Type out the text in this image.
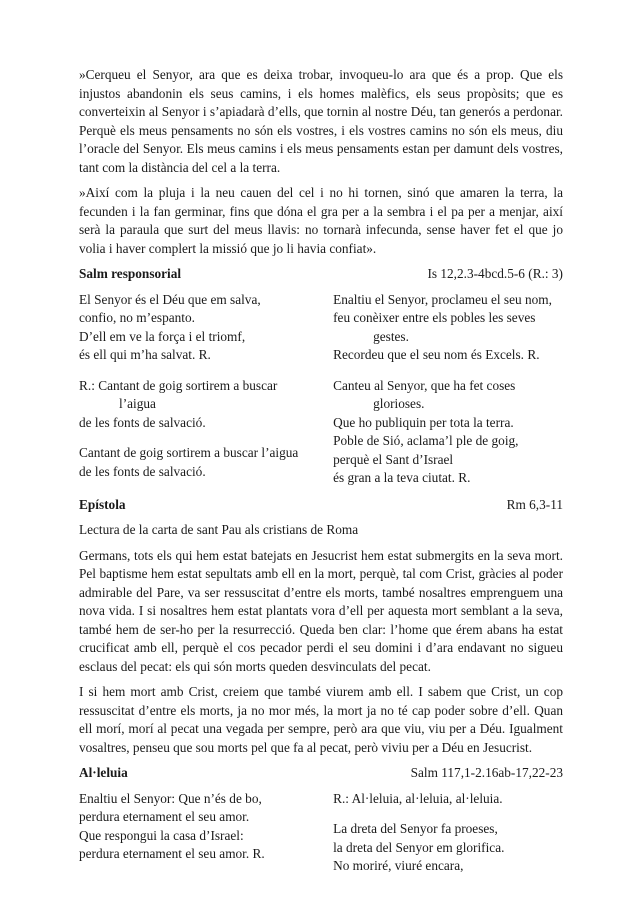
»Cerqueu el Senyor, ara que es deixa trobar, invoqueu-lo ara que és a prop. Que els injustos abandonin els seus camins, i els homes malèfics, els seus propòsits; que es converteixin al Senyor i s’apiadarà d’ells, que tornin al nostre Déu, tan generós a perdonar. Perquè els meus pensaments no són els vostres, i els vostres camins no són els meus, diu l’oracle del Senyor. Els meus camins i els meus pensaments estan per damunt dels vostres, tant com la distància del cel a la terra.

»Així com la pluja i la neu cauen del cel i no hi tornen, sinó que amaren la terra, la fecunden i la fan germinar, fins que dóna el gra per a la sembra i el pa per a menjar, així serà la paraula que surt del meus llavis: no tornarà infecunda, sense haver fet el que jo volia i haver complert la missió que jo li havia confiat».

Salm responsorial	Is 12,2.3-4bcd.5-6 (R.: 3)

El Senyor és el Déu que em salva,

confio, no m’espanto.

D’ell em ve la força i el triomf,

és ell qui m’ha salvat. R.

R.: Cantant de goig sortirem a buscar

l’aigua

de les fonts de salvació.

Cantant de goig sortirem a buscar l’aigua

de les fonts de salvació.

Enaltiu el Senyor, proclameu el seu nom,

feu conèixer entre els pobles les seves

gestes.

Recordeu que el seu nom és Excels. R.

Canteu al Senyor, que ha fet coses

glorioses.

Que ho publiquin per tota la terra.

Poble de Sió, aclama’l ple de goig,

perquè el Sant d’Israel

és gran a la teva ciutat. R.

Epístola	Rm 6,3-11

Lectura de la carta de sant Pau als cristians de Roma

Germans, tots els qui hem estat batejats en Jesucrist hem estat submergits en la seva mort. Pel baptisme hem estat sepultats amb ell en la mort, perquè, tal com Crist, gràcies al poder admirable del Pare, va ser ressuscitat d’entre els morts, també nosaltres emprenguem una nova vida. I si nosaltres hem estat plantats vora d’ell per aquesta mort semblant a la seva, també hem de ser-ho per la resurrecció. Queda ben clar: l’home que érem abans ha estat crucificat amb ell, perquè el cos pecador perdi el seu domini i d’ara endavant no sigueu esclaus del pecat: els qui són morts queden desvinculats del pecat.

I si hem mort amb Crist, creiem que també viurem amb ell. I sabem que Crist, un cop ressuscitat d’entre els morts, ja no mor més, la mort ja no té cap poder sobre d’ell. Quan ell morí, morí al pecat una vegada per sempre, però ara que viu, viu per a Déu. Igualment vosaltres, penseu que sou morts pel que fa al pecat, però viviu per a Déu en Jesucrist.

Al·leluia	Salm 117,1-2.16ab-17,22-23

Enaltiu el Senyor: Que n’és de bo,

perdura eternament el seu amor.

Que respongui la casa d’Israel:

perdura eternament el seu amor. R.

R.: Al·leluia, al·leluia, al·leluia.

La dreta del Senyor fa proeses,

la dreta del Senyor em glorifica.

No moriré, viuré encara,
